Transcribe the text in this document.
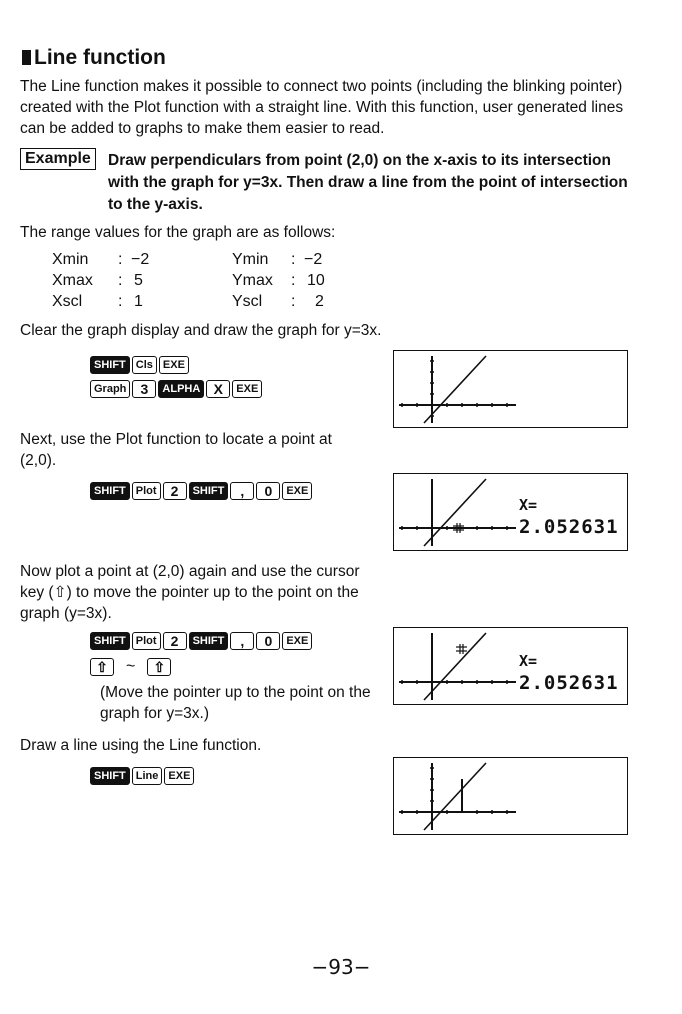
Line function
The Line function makes it possible to connect two points (including the blinking pointer) created with the Plot function with a straight line. With this function, user generated lines can be added to graphs to make them easier to read.
Example	Draw perpendiculars from point (2,0) on the x-axis to its intersection with the graph for y=3x. Then draw a line from the point of intersection to the y-axis.
The range values for the graph are as follows:
Xmin : −2	Ymin : −2
Xmax : 5	Ymax : 10
Xscl : 1	Yscl : 2
Clear the graph display and draw the graph for y=3x.
SHIFT Cls EXE
Graph	3	ALPHA X	EXE
Next, use the Plot function to locate a point at (2,0).
SHIFT Plot	2	SHIFT	,	0	EXE
X=
2.052631
Now plot a point at (2,0) again and use the cursor key (⇧) to move the pointer up to the point on the graph (y=3x).
SHIFT Plot	2	SHIFT	,	0	EXE
⇧	~	⇧
(Move the pointer up to the point on the graph for y=3x.)
X=
2.052631
Draw a line using the Line function.
SHIFT Line EXE
−93−
